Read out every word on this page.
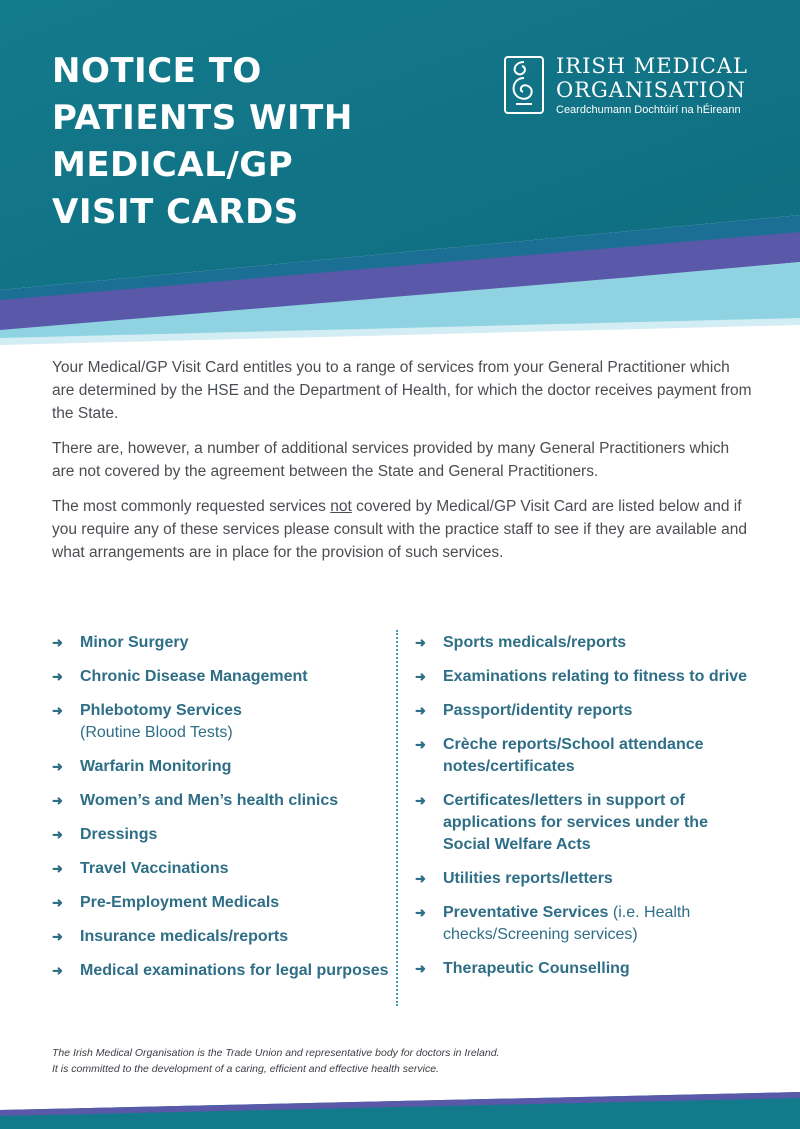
NOTICE TO
PATIENTS WITH
MEDICAL/GP
VISIT CARDS
IRISH MEDICAL
ORGANISATION
Ceardchumann Dochtúirí na hÉireann

Your Medical/GP Visit Card entitles you to a range of services from your General Practitioner which are determined by the HSE and the Department of Health, for which the doctor receives payment from the State.

There are, however, a number of additional services provided by many General Practitioners which are not covered by the agreement between the State and General Practitioners.

The most commonly requested services not covered by Medical/GP Visit Card are listed below and if you require any of these services please consult with the practice staff to see if they are available and what arrangements are in place for the provision of such services.

➜ Minor Surgery
➜ Chronic Disease Management
➜ Phlebotomy Services
(Routine Blood Tests)
➜ Warfarin Monitoring
➜ Women’s and Men’s health clinics
➜ Dressings
➜ Travel Vaccinations
➜ Pre-Employment Medicals
➜ Insurance medicals/reports
➜ Medical examinations for legal purposes
➜ Sports medicals/reports
➜ Examinations relating to fitness to drive
➜ Passport/identity reports
➜ Crèche reports/School attendance notes/certificates
➜ Certificates/letters in support of applications for services under the Social Welfare Acts
➜ Utilities reports/letters
➜ Preventative Services (i.e. Health checks/Screening services)
➜ Therapeutic Counselling
The Irish Medical Organisation is the Trade Union and representative body for doctors in Ireland.
It is committed to the development of a caring, efficient and effective health service.
